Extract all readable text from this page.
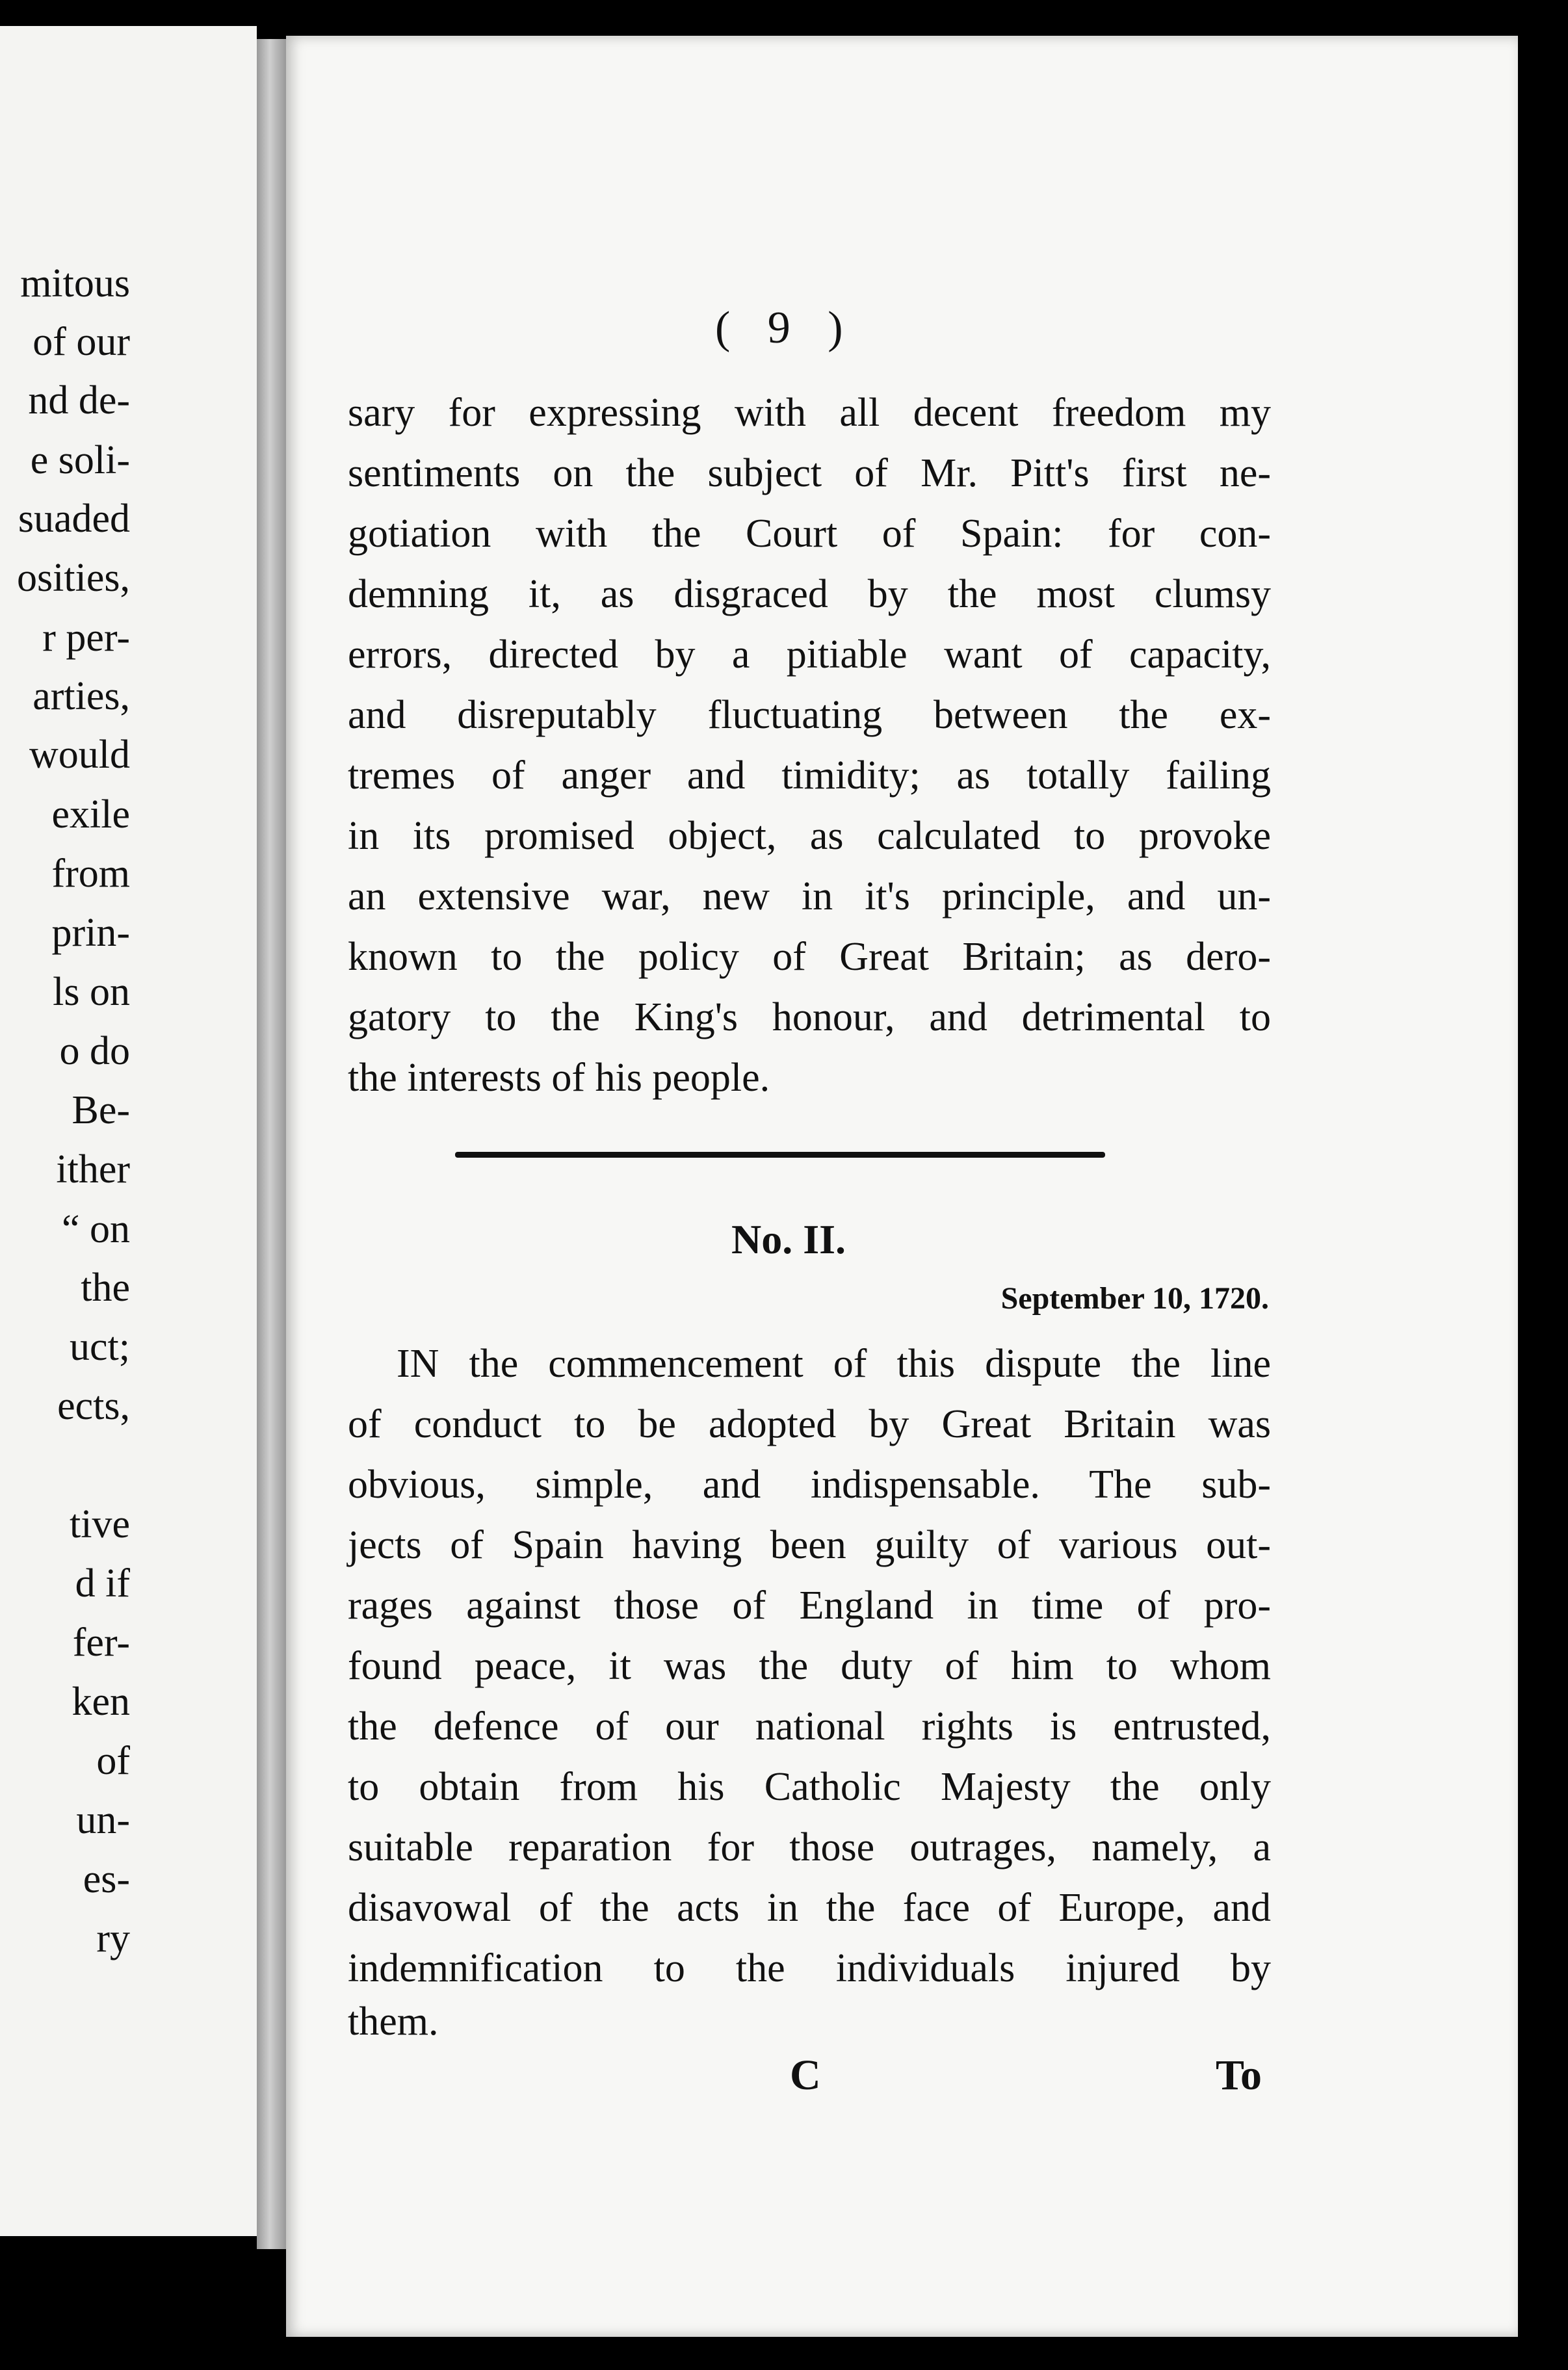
mitous
of our
nd de-
e soli-
suaded
osities,
r per-
arties,
would
exile
from
prin-
ls on
o do
Be-
ither
“ on
the
uct;
ects,
tive
d if
fer-
ken
of
un-
es-
ry
( 9 )
sary for expressing with all decent freedom my
sentiments on the subject of Mr. Pitt's first ne-
gotiation with the Court of Spain: for con-
demning it, as disgraced by the most clumsy
errors, directed by a pitiable want of capacity,
and disreputably fluctuating between the ex-
tremes of anger and timidity; as totally failing
in its promised object, as calculated to provoke
an extensive war, new in it's principle, and un-
known to the policy of Great Britain; as dero-
gatory to the King's honour, and detrimental to
the interests of his people.
No. II.
September 10, 1720.
IN the commencement of this dispute the line
of conduct to be adopted by Great Britain was
obvious, simple, and indispensable. The sub-
jects of Spain having been guilty of various out-
rages against those of England in time of pro-
found peace, it was the duty of him to whom
the defence of our national rights is entrusted,
to obtain from his Catholic Majesty the only
suitable reparation for those outrages, namely, a
disavowal of the acts in the face of Europe, and
indemnification to the individuals injured by
them.
C	To
